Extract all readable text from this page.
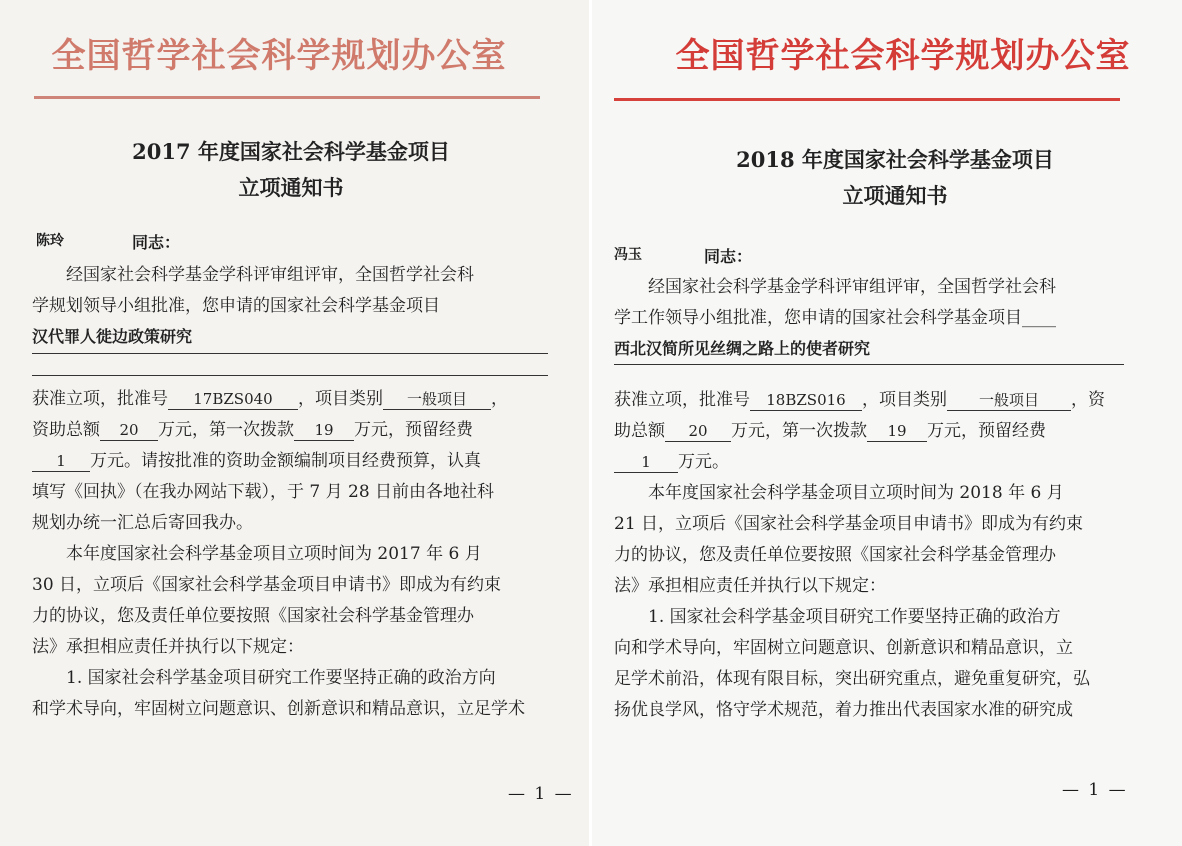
全国哲学社会科学规划办公室
2017 年度国家社会科学基金项目
立项通知书
陈玲	同志：
经国家社会科学基金学科评审组评审，全国哲学社会科
学规划领导小组批准，您申请的国家社会科学基金项目
汉代罪人徙边政策研究
获准立项，批准号 17BZS040 ，项目类别 一般项目 ，
资助总额 20 万元，第一次拨款 19 万元，预留经费
1 万元。请按批准的资助金额编制项目经费预算，认真
填写《回执》（在我办网站下载），于 7 月 28 日前由各地社科
规划办统一汇总后寄回我办。
本年度国家社会科学基金项目立项时间为 2017 年 6 月
30 日，立项后《国家社会科学基金项目申请书》即成为有约束
力的协议，您及责任单位要按照《国家社会科学基金管理办
法》承担相应责任并执行以下规定：
1. 国家社会科学基金项目研究工作要坚持正确的政治方向
和学术导向，牢固树立问题意识、创新意识和精品意识，立足学术
— 1 —
全国哲学社会科学规划办公室
2018 年度国家社会科学基金项目
立项通知书
冯玉	同志：
经国家社会科学基金学科评审组评审，全国哲学社会科
学工作领导小组批准，您申请的国家社会科学基金项目____
西北汉简所见丝绸之路上的使者研究
获准立项，批准号 18BZS016 ，项目类别 一般项目 ，资
助总额 20 万元，第一次拨款 19 万元，预留经费
1 万元。
本年度国家社会科学基金项目立项时间为 2018 年 6 月
21 日，立项后《国家社会科学基金项目申请书》即成为有约束
力的协议，您及责任单位要按照《国家社会科学基金管理办
法》承担相应责任并执行以下规定：
1. 国家社会科学基金项目研究工作要坚持正确的政治方
向和学术导向，牢固树立问题意识、创新意识和精品意识，立
足学术前沿，体现有限目标，突出研究重点，避免重复研究，弘
扬优良学风，恪守学术规范，着力推出代表国家水准的研究成
— 1 —
